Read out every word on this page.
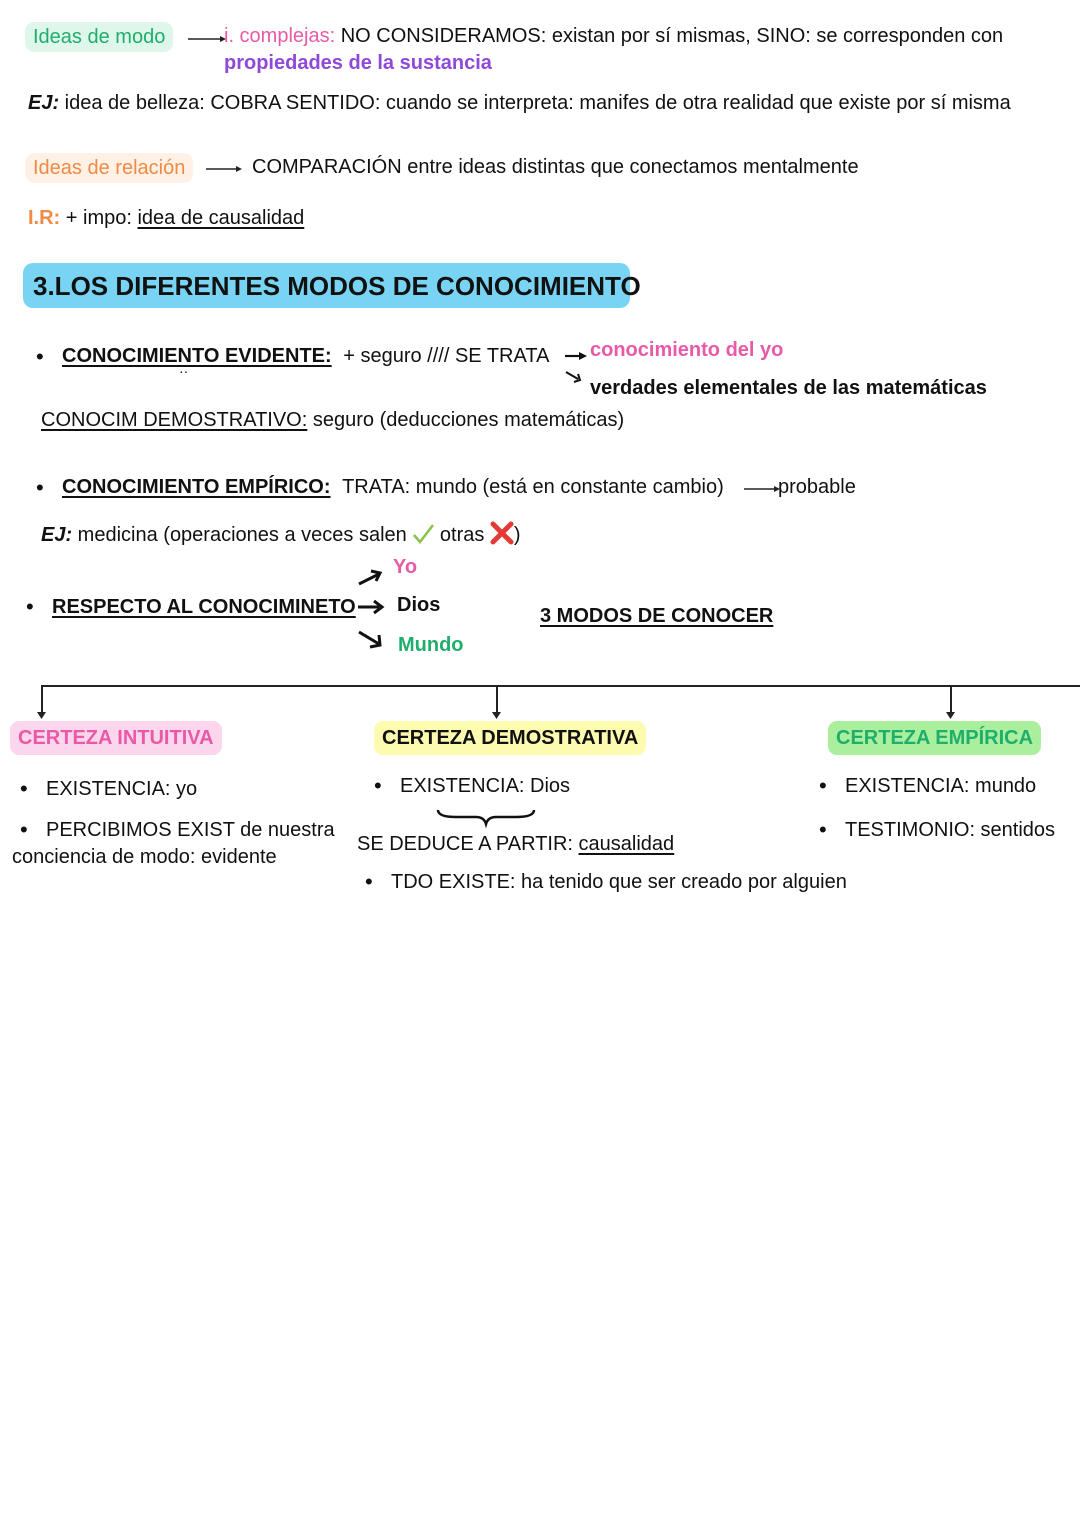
Ideas de modo	i. complejas: NO CONSIDERAMOS: existan por sí mismas, SINO: se corresponden con
propiedades de la sustancia
EJ: idea de belleza: COBRA SENTIDO: cuando se interpreta: manifes de otra realidad que existe por sí misma
Ideas de relación	COMPARACIÓN entre ideas distintas que conectamos mentalmente
I.R: + impo: idea de causalidad
3.LOS DIFERENTES MODOS DE CONOCIMIENTO
• CONOCIMIENTO EVIDENTE: + seguro //// SE TRATA
··
conocimiento del yo
verdades elementales de las matemáticas
CONOCIM DEMOSTRATIVO: seguro (deducciones matemáticas)
• CONOCIMIENTO EMPÍRICO: TRATA: mundo (está en constante cambio)	probable
EJ: medicina (operaciones a veces salen  otras )
• RESPECTO AL CONOCIMINETO
Yo
Dios
Mundo
3 MODOS DE CONOCER
CERTEZA INTUITIVA
• EXISTENCIA: yo
• PERCIBIMOS EXIST de nuestra
conciencia de modo: evidente
CERTEZA DEMOSTRATIVA
• EXISTENCIA: Dios
SE DEDUCE A PARTIR: causalidad
• TDO EXISTE: ha tenido que ser creado por alguien
CERTEZA EMPÍRICA
• EXISTENCIA: mundo
• TESTIMONIO: sentidos
